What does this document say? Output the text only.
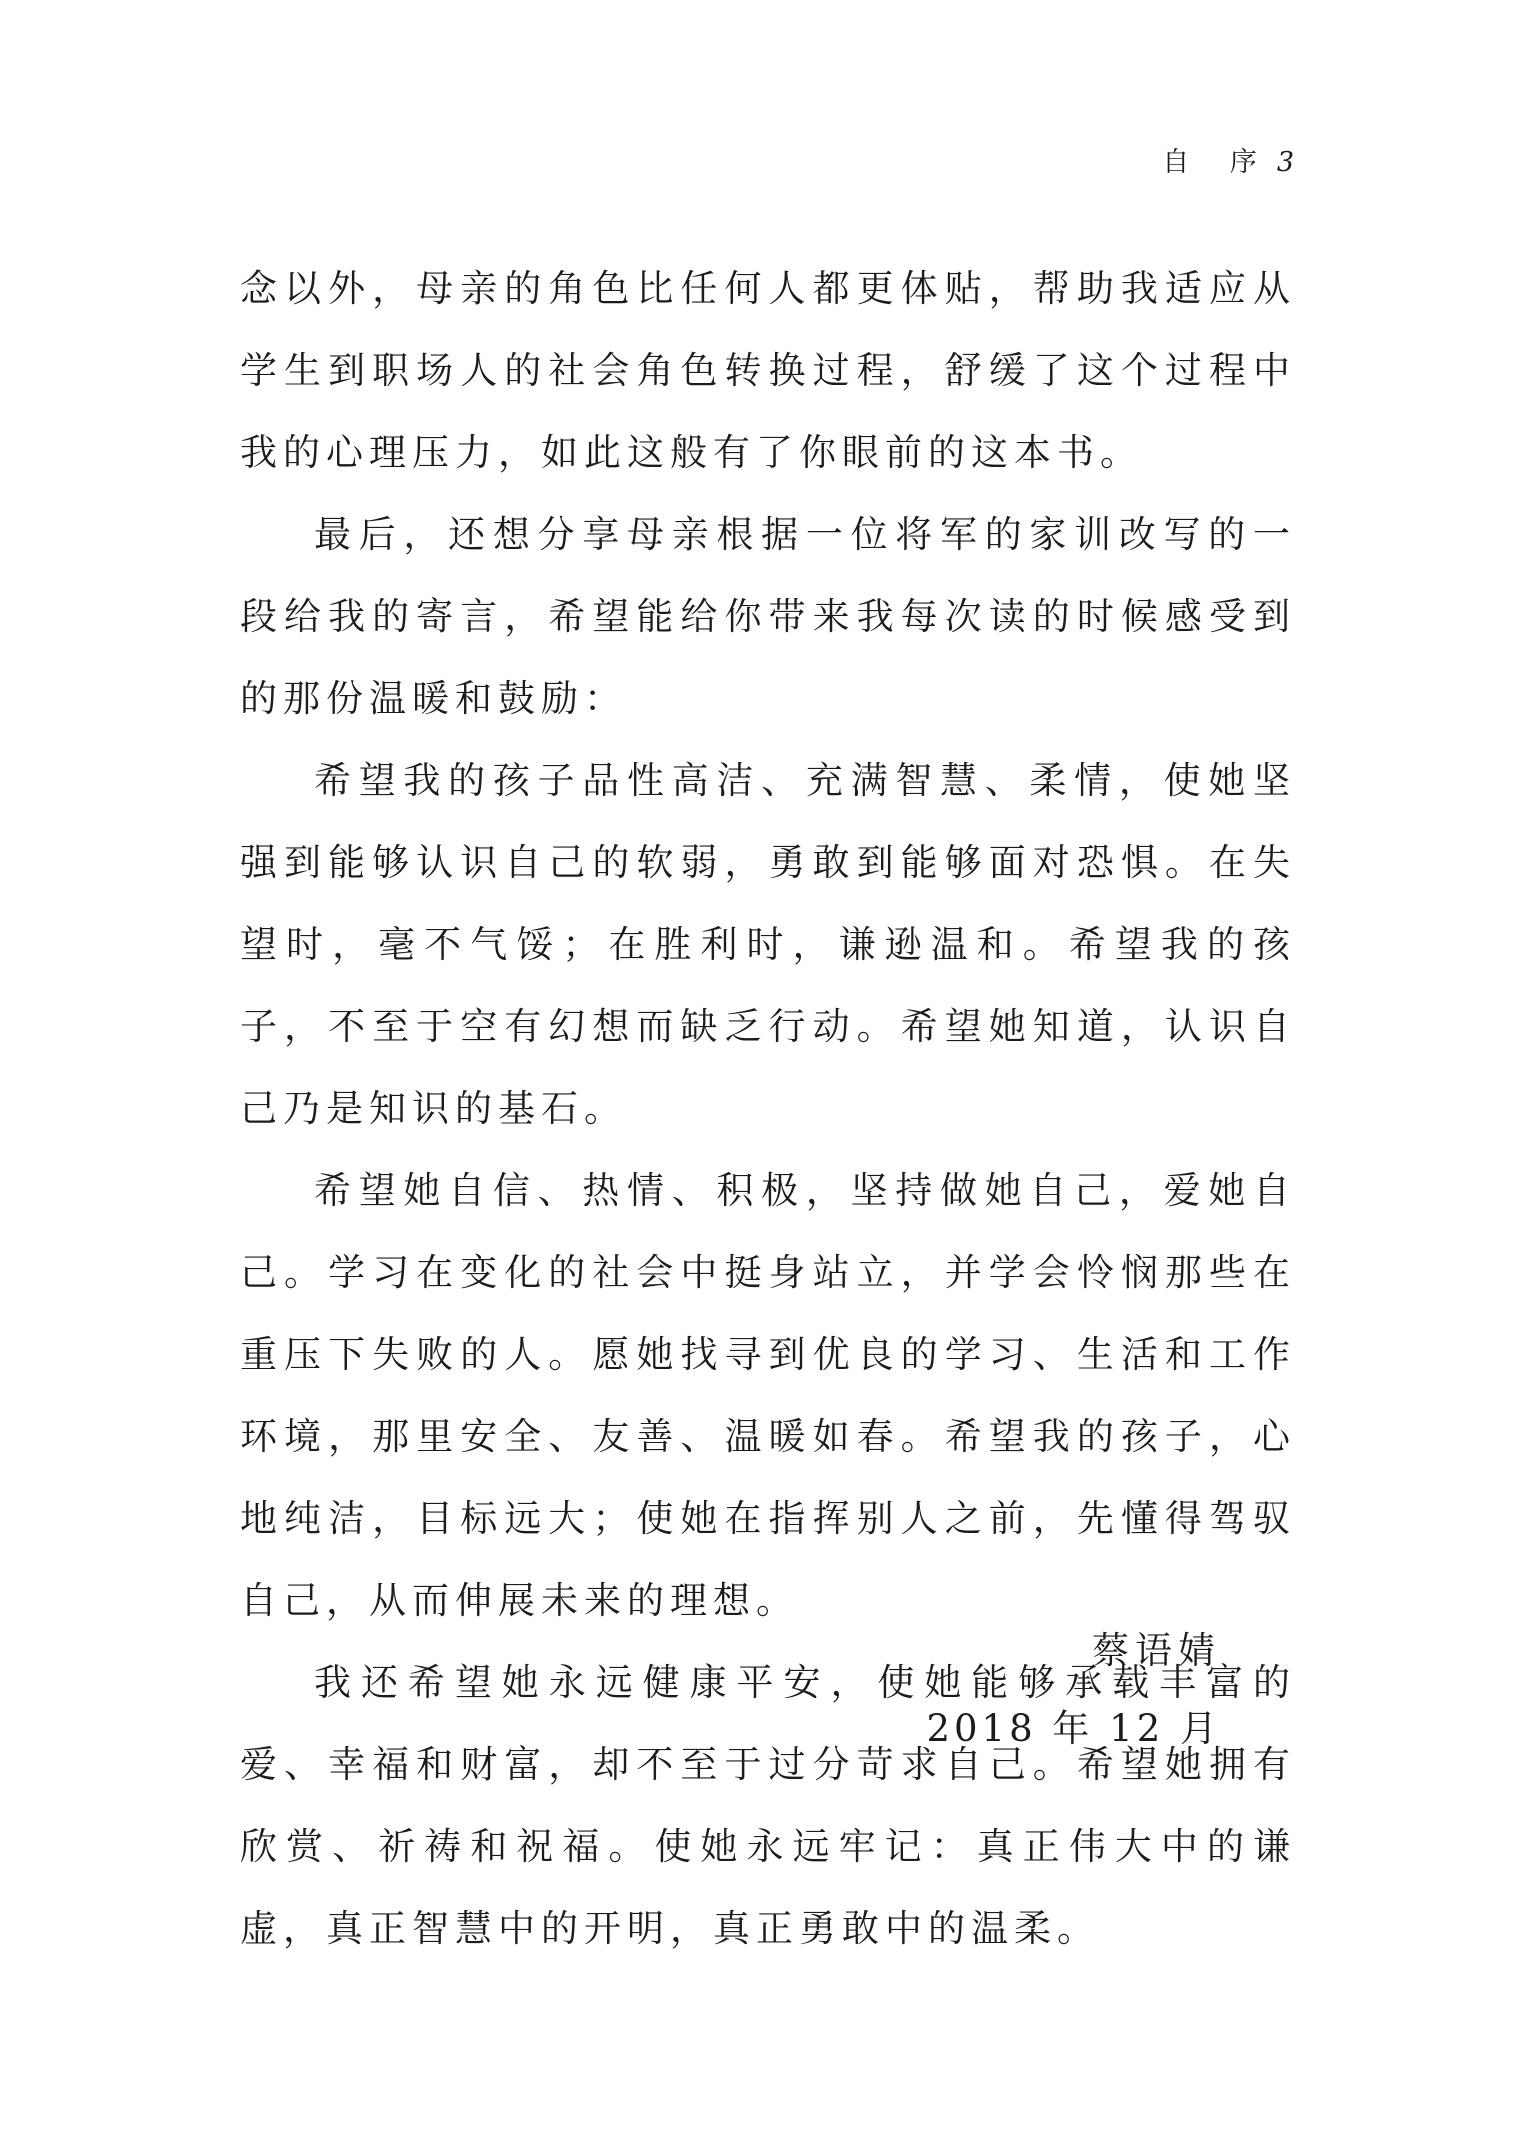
自 序 3

念以外，母亲的角色比任何人都更体贴，帮助我适应从学生到职场人的社会角色转换过程，舒缓了这个过程中我的心理压力，如此这般有了你眼前的这本书。

最后，还想分享母亲根据一位将军的家训改写的一段给我的寄言，希望能给你带来我每次读的时候感受到的那份温暖和鼓励：

希望我的孩子品性高洁、充满智慧、柔情，使她坚强到能够认识自己的软弱，勇敢到能够面对恐惧。在失望时，毫不气馁；在胜利时，谦逊温和。希望我的孩子，不至于空有幻想而缺乏行动。希望她知道，认识自己乃是知识的基石。

希望她自信、热情、积极，坚持做她自己，爱她自己。学习在变化的社会中挺身站立，并学会怜悯那些在重压下失败的人。愿她找寻到优良的学习、生活和工作环境，那里安全、友善、温暖如春。希望我的孩子，心地纯洁，目标远大；使她在指挥别人之前，先懂得驾驭自己，从而伸展未来的理想。

我还希望她永远健康平安，使她能够承载丰富的爱、幸福和财富，却不至于过分苛求自己。希望她拥有欣赏、祈祷和祝福。使她永远牢记：真正伟大中的谦虚，真正智慧中的开明，真正勇敢中的温柔。

蔡语婧
2018 年 12 月
